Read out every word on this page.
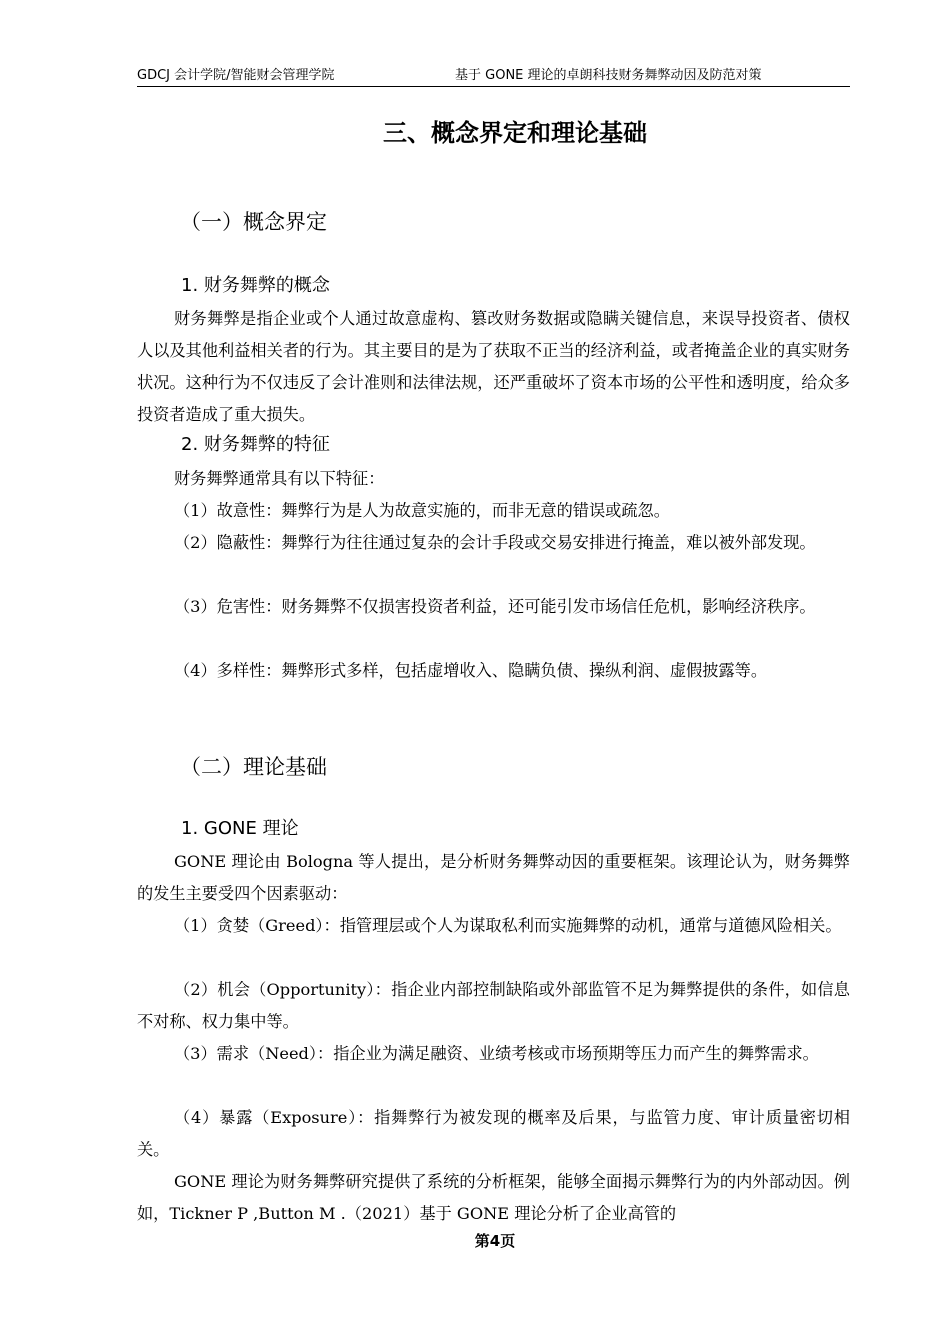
GDCJ 会计学院/智能财会管理学院	基于 GONE 理论的卓朗科技财务舞弊动因及防范对策
三、概念界定和理论基础
（一）概念界定
1. 财务舞弊的概念
财务舞弊是指企业或个人通过故意虚构、篡改财务数据或隐瞒关键信息，来误导投资者、债权人以及其他利益相关者的行为。其主要目的是为了获取不正当的经济利益，或者掩盖企业的真实财务状况。这种行为不仅违反了会计准则和法律法规，还严重破坏了资本市场的公平性和透明度，给众多投资者造成了重大损失。
2. 财务舞弊的特征
财务舞弊通常具有以下特征：
（1）故意性：舞弊行为是人为故意实施的，而非无意的错误或疏忽。
（2）隐蔽性：舞弊行为往往通过复杂的会计手段或交易安排进行掩盖，难以被外部发现。
（3）危害性：财务舞弊不仅损害投资者利益，还可能引发市场信任危机，影响经济秩序。
（4）多样性：舞弊形式多样，包括虚增收入、隐瞒负债、操纵利润、虚假披露等。
（二）理论基础
1. GONE 理论
GONE 理论由 Bologna 等人提出，是分析财务舞弊动因的重要框架。该理论认为，财务舞弊的发生主要受四个因素驱动：
（1）贪婪（Greed）：指管理层或个人为谋取私利而实施舞弊的动机，通常与道德风险相关。
（2）机会（Opportunity）：指企业内部控制缺陷或外部监管不足为舞弊提供的条件，如信息不对称、权力集中等。
（3）需求（Need）：指企业为满足融资、业绩考核或市场预期等压力而产生的舞弊需求。
（4）暴露（Exposure）：指舞弊行为被发现的概率及后果，与监管力度、审计质量密切相关。
GONE 理论为财务舞弊研究提供了系统的分析框架，能够全面揭示舞弊行为的内外部动因。例如，Tickner P ,Button M .（2021）基于 GONE 理论分析了企业高管的
第4页
